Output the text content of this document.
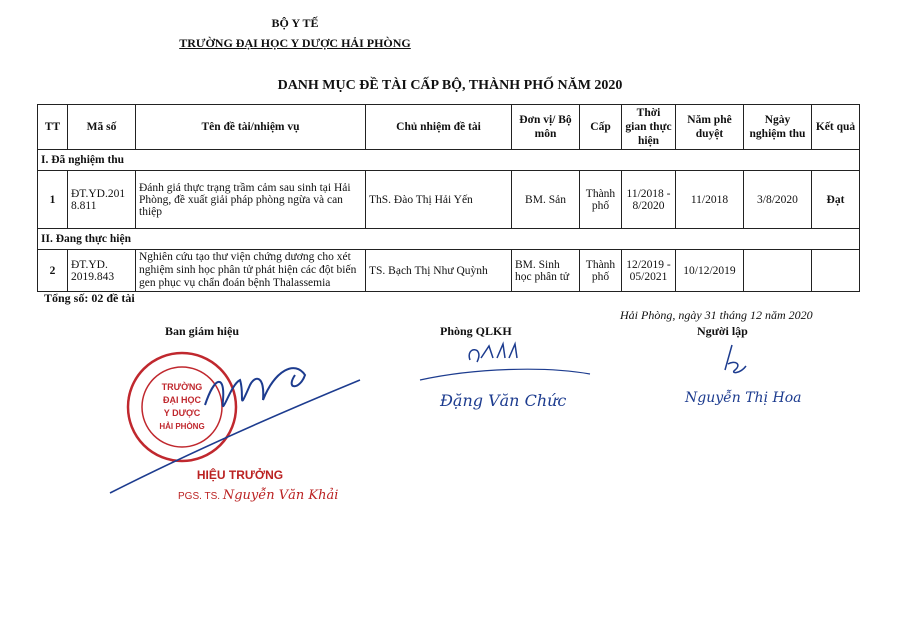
BỘ Y TẾ
TRƯỜNG ĐẠI HỌC Y DƯỢC HẢI PHÒNG
DANH MỤC ĐỀ TÀI CẤP BỘ, THÀNH PHỐ NĂM 2020
TT	Mã số	Tên đề tài/nhiệm vụ	Chủ nhiệm đề tài	Đơn vị/ Bộ môn	Cấp	Thời gian thực hiện	Năm phê duyệt	Ngày nghiệm thu	Kết quả
I. Đã nghiệm thu									
1	ĐT.YD.2018.811	Đánh giá thực trạng trầm cảm sau sinh tại Hải Phòng, đề xuất giải pháp phòng ngừa và can thiệp	ThS. Đào Thị Hải Yến	BM. Sản	Thành phố	11/2018 - 8/2020	11/2018	3/8/2020	Đạt
II. Đang thực hiện									
2	ĐT.YD. 2019.843	Nghiên cứu tạo thư viện chứng dương cho xét nghiệm sinh học phân tử phát hiện các đột biến gen phục vụ chẩn đoán bệnh Thalassemia	TS. Bạch Thị Như Quỳnh	BM. Sinh học phân tử	Thành phố	12/2019 - 05/2021	10/12/2019		
Tổng số: 02 đề tài
Hải Phòng, ngày 31 tháng 12 năm 2020
Ban giám hiệu	Phòng QLKH	Người lập
TRƯỜNG
ĐẠI HỌC
Y DƯỢC
HẢI PHÒNG
HIỆU TRƯỞNG
PGS. TS. Nguyễn Văn Khải
Đặng Văn Chức	Nguyễn Thị Hoa
